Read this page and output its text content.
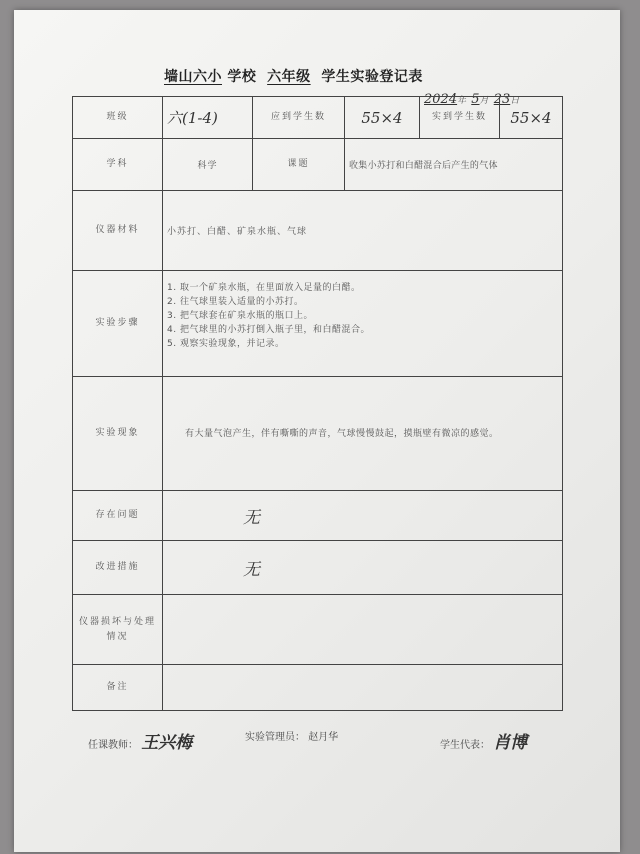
墙山六小 学校 六年级 学生实验登记表
2024年 5月 23日
班级	六(1-4)	应到学生数	55×4	实到学生数	55×4
学科	科学	课题	收集小苏打和白醋混合后产生的气体		
仪器材料	小苏打、白醋、矿泉水瓶、气球				
实验步骤	1. 取一个矿泉水瓶，在里面放入足量的白醋。
2. 往气球里装入适量的小苏打。
3. 把气球套在矿泉水瓶的瓶口上。
4. 把气球里的小苏打倒入瓶子里，和白醋混合。
5. 观察实验现象，并记录。				

实验现象	有大量气泡产生，伴有嘶嘶的声音，气球慢慢鼓起，摸瓶壁有微凉的感觉。				
存在问题	无				
改进措施	无				
仪器损坏与处理情况					
备注					
任课教师： 王兴梅	实验管理员： 赵月华
学生代表： 肖博
